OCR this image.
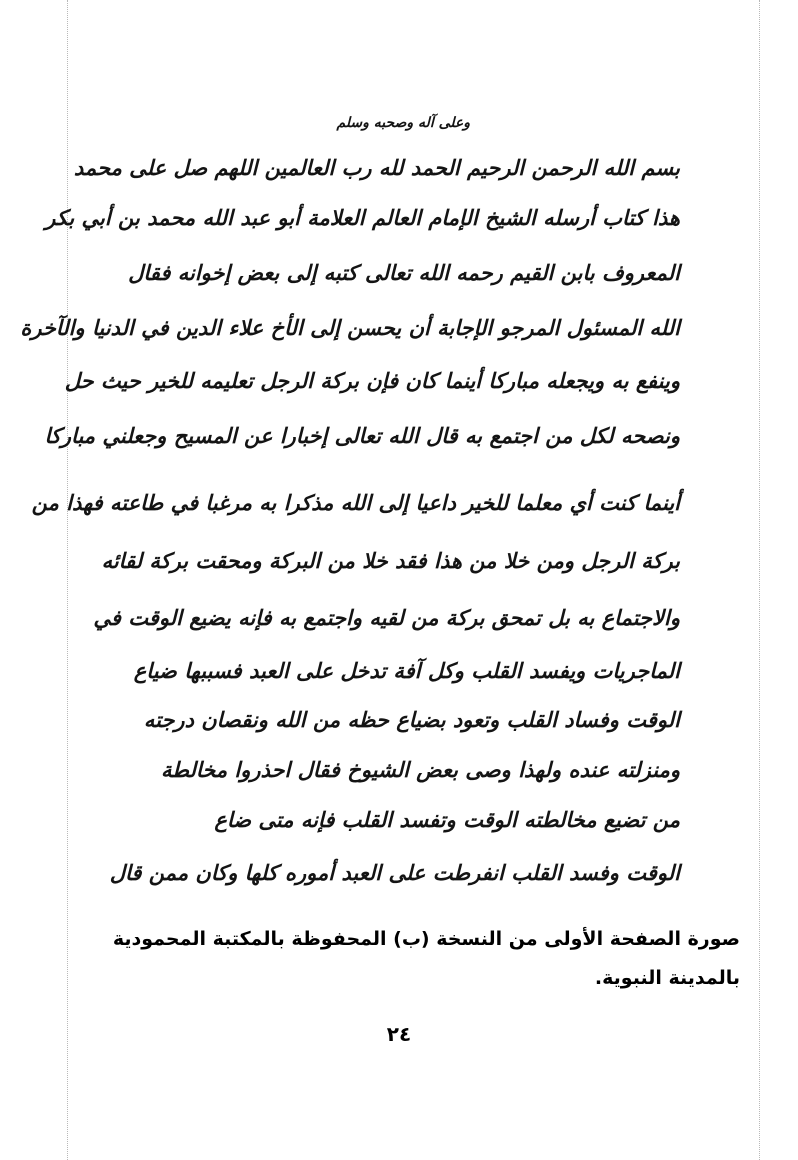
وعلى آله وصحبه وسلم
بسم الله الرحمن الرحيم الحمد لله رب العالمين اللهم صل على محمد
هذا كتاب أرسله الشيخ الإمام العالم العلامة أبو عبد الله محمد بن أبي بكر
المعروف بابن القيم رحمه الله تعالى كتبه إلى بعض إخوانه فقال
الله المسئول المرجو الإجابة أن يحسن إلى الأخ علاء الدين في الدنيا والآخرة
وينفع به ويجعله مباركا أينما كان فإن بركة الرجل تعليمه للخير حيث حل
ونصحه لكل من اجتمع به قال الله تعالى إخبارا عن المسيح وجعلني مباركا
أينما كنت أي معلما للخير داعيا إلى الله مذكرا به مرغبا في طاعته فهذا من
بركة الرجل ومن خلا من هذا فقد خلا من البركة ومحقت بركة لقائه
والاجتماع به بل تمحق بركة من لقيه واجتمع به فإنه يضيع الوقت في
الماجريات ويفسد القلب وكل آفة تدخل على العبد فسببها ضياع
الوقت وفساد القلب وتعود بضياع حظه من الله ونقصان درجته
ومنزلته عنده ولهذا وصى بعض الشيوخ فقال احذروا مخالطة
من تضيع مخالطته الوقت وتفسد القلب فإنه متى ضاع
الوقت وفسد القلب انفرطت على العبد أموره كلها وكان ممن قال
صورة الصفحة الأولى من النسخة (ب) المحفوظة بالمكتبة المحمودية
بالمدينة النبوية.
٢٤
